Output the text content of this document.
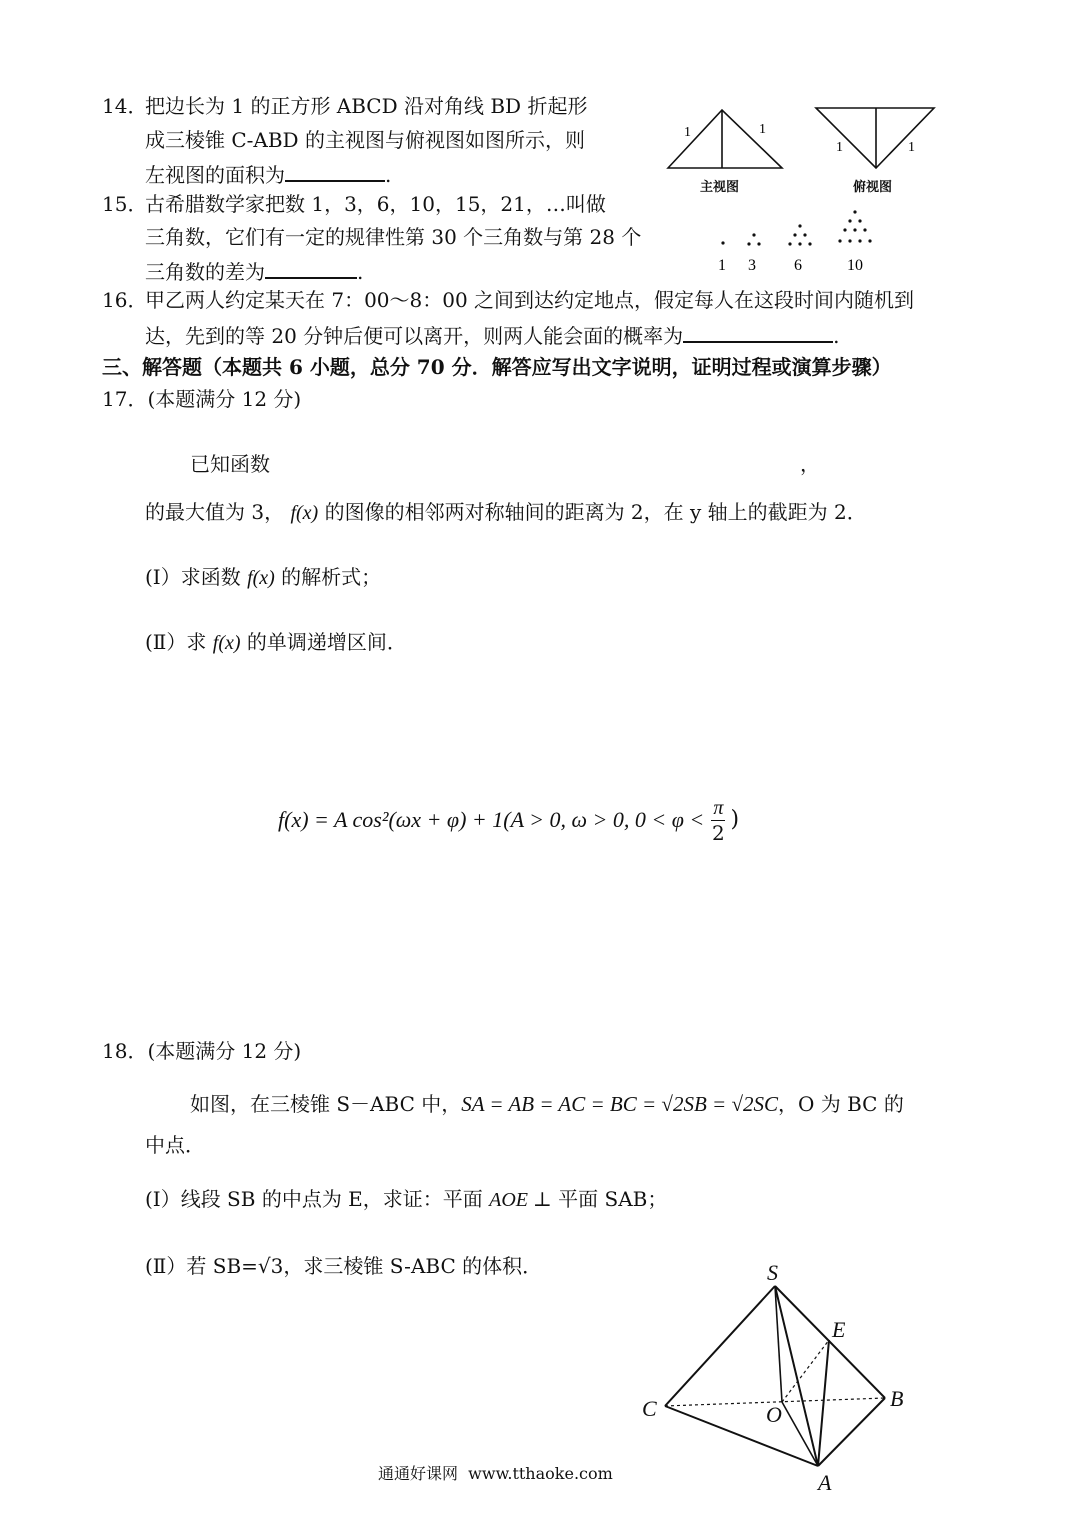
14．
把边长为 1 的正方形 ABCD 沿对角线 BD 折起形
成三棱锥 C-ABD 的主视图与俯视图如图所示，则
左视图的面积为	.
1	1
1	1
主视图	俯视图
15．
古希腊数学家把数 1，3，6，10，15，21，…叫做
三角数，它们有一定的规律性第 30 个三角数与第 28 个
三角数的差为	.	1 3 6	10
16．
甲乙两人约定某天在 7：00～8：00 之间到达约定地点，假定每人在这段时间内随机到
达，先到的等 20 分钟后便可以离开，则两人能会面的概率为	.
三、解答题（本题共 6 小题，总分 70 分．解答应写出文字说明，证明过程或演算步骤）
17．(本题满分 12 分)
已知函数	，
的最大值为 3， f(x) 的图像的相邻两对称轴间的距离为 2，在 y 轴上的截距为 2．
(I）求函数 f(x) 的解析式；
(Ⅱ）求 f(x) 的单调递增区间．
f(x) = A cos²(ωx + φ) + 1(A > 0, ω > 0, $0 < \varphi < \frac{\pi}{2}$ )
18．(本题满分 12 分)
如图，在三棱锥 S－ABC 中，SA = AB = AC = BC = √2SB = √2SC，O 为 BC 的
中点．
(I）线段 SB 的中点为 E，求证：平面 AOE ⊥ 平面 SAB；
(Ⅱ）若 SB=√3，求三棱锥 S-ABC 的体积．	S
E
C	O
B
A
通通好课网  www.tthaoke.com
